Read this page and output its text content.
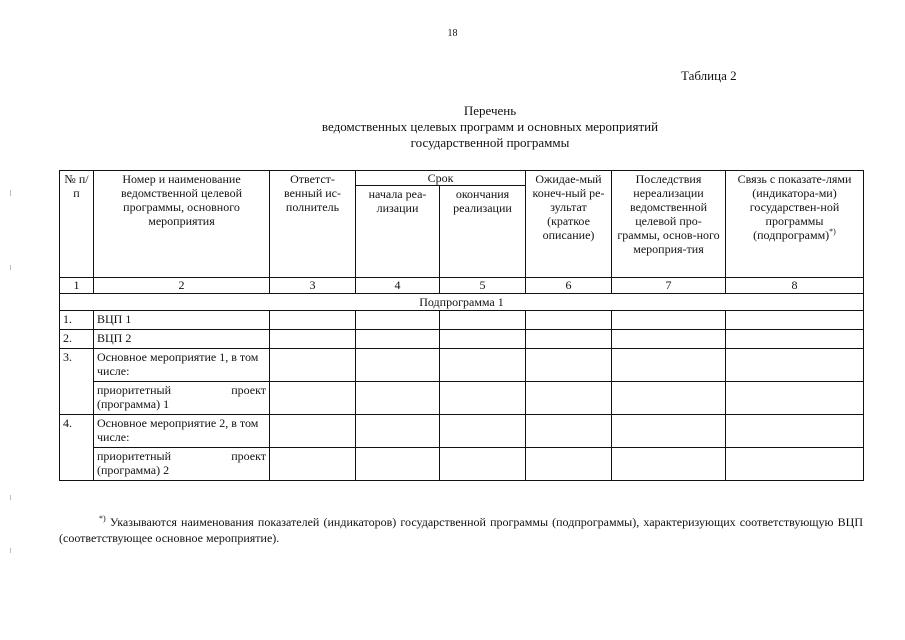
18
Таблица 2
Перечень
ведомственных целевых программ и основных мероприятий
государственной программы
№ п/п	Номер и наименование ведомственной целевой программы, основного мероприятия	Ответст-венный ис-полнитель	Срок		Ожидае-мый конеч-ный ре-зультат (краткое описание)	Последствия нереализации ведомственной целевой про-граммы, основ-ного мероприя-тия	Связь с показате-лями (индикатора-ми) государствен-ной программы (подпрограмм)*)
			начала реа-лизации	окончания реализации			
1	2	3	4	5	6	7	8
Подпрограмма 1							
1.	ВЦП 1						
2.	ВЦП 2						
3.	Основное мероприятие 1, в том числе:						

	приоритетный проект
(программа) 1						

4.	Основное мероприятие 2, в том числе:						

	приоритетный проект
(программа) 2						

*) Указываются наименования показателей (индикаторов) государственной программы (подпрограммы), характеризующих соответствующую ВЦП (соответствующее основное мероприятие).
